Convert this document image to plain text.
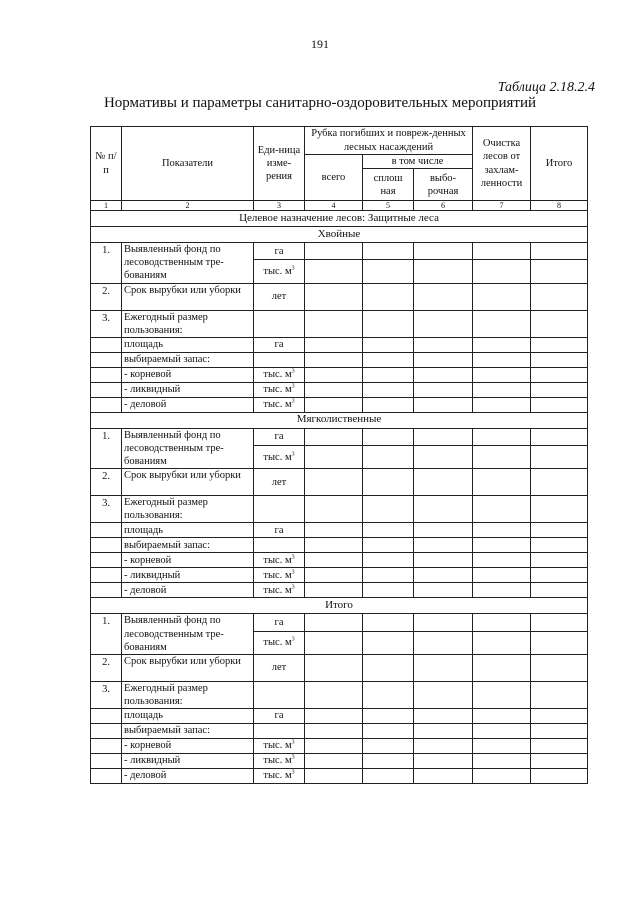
191
Таблица 2.18.2.4
Нормативы и параметры санитарно-оздоровительных мероприятий
№ п/п	Показатели	Еди-ница изме-рения	Рубка погибших и повреж-денных лесных насаждений			Очистка лесов от захлам-ленности	Итого
			всего	в том числе			
				сплош ная	выбо-рочная		
1	2	3	4	5	6	7	8
Целевое назначение лесов: Защитные леса							
Хвойные							
1.	Выявленный фонд по лесоводственным тре-бованиям	га					
		тыс. $м^3$					
2.	Срок вырубки или уборки	лет					
3.	Ежегодный размер пользования:						
	площадь	га					
	выбираемый запас:						
	- корневой	тыс. $м^3$					
	- ликвидный	тыс. $м^3$					
	- деловой	тыс. $м^3$					
Мягколиственные							
1.	Выявленный фонд по лесоводственным тре-бованиям	га					
		тыс. $м^3$					
2.	Срок вырубки или уборки	лет					
3.	Ежегодный размер пользования:						
	площадь	га					
	выбираемый запас:						
	- корневой	тыс. $м^3$					
	- ликвидный	тыс. $м^3$					
	- деловой	тыс. $м^3$					
Итого							
1.	Выявленный фонд по лесоводственным тре-бованиям	га					
		тыс. $м^3$					
2.	Срок вырубки или уборки	лет					
3.	Ежегодный размер пользования:						
	площадь	га					
	выбираемый запас:						
	- корневой	тыс. $м^3$					
	- ликвидный	тыс. $м^3$					
	- деловой	тыс. $м^3$					
